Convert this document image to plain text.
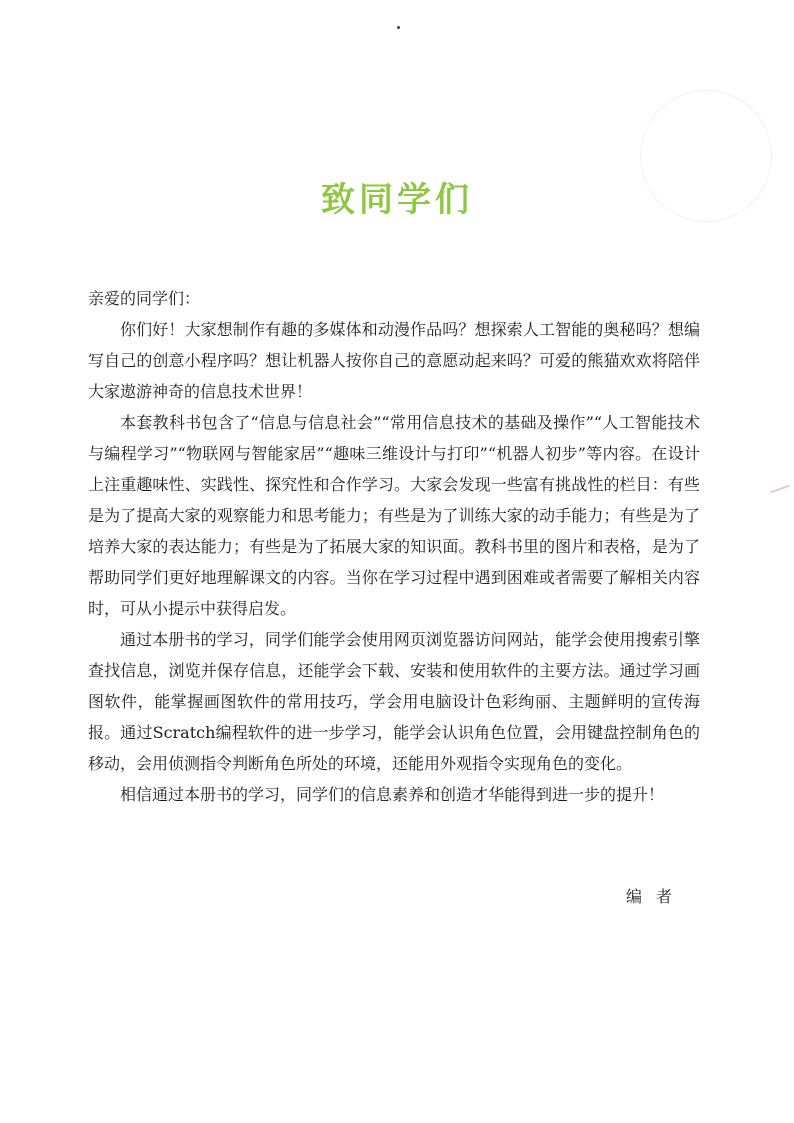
致同学们

亲爱的同学们：

你们好！大家想制作有趣的多媒体和动漫作品吗？想探索人工智能的奥秘吗？想编写自己的创意小程序吗？想让机器人按你自己的意愿动起来吗？可爱的熊猫欢欢将陪伴大家遨游神奇的信息技术世界！

本套教科书包含了“信息与信息社会”“常用信息技术的基础及操作”“人工智能技术与编程学习”“物联网与智能家居”“趣味三维设计与打印”“机器人初步”等内容。在设计上注重趣味性、实践性、探究性和合作学习。大家会发现一些富有挑战性的栏目：有些是为了提高大家的观察能力和思考能力；有些是为了训练大家的动手能力；有些是为了培养大家的表达能力；有些是为了拓展大家的知识面。教科书里的图片和表格，是为了帮助同学们更好地理解课文的内容。当你在学习过程中遇到困难或者需要了解相关内容时，可从小提示中获得启发。

通过本册书的学习，同学们能学会使用网页浏览器访问网站，能学会使用搜索引擎查找信息，浏览并保存信息，还能学会下载、安装和使用软件的主要方法。通过学习画图软件，能掌握画图软件的常用技巧，学会用电脑设计色彩绚丽、主题鲜明的宣传海报。通过Scratch编程软件的进一步学习，能学会认识角色位置，会用键盘控制角色的移动，会用侦测指令判断角色所处的环境，还能用外观指令实现角色的变化。

相信通过本册书的学习，同学们的信息素养和创造才华能得到进一步的提升！

编者
